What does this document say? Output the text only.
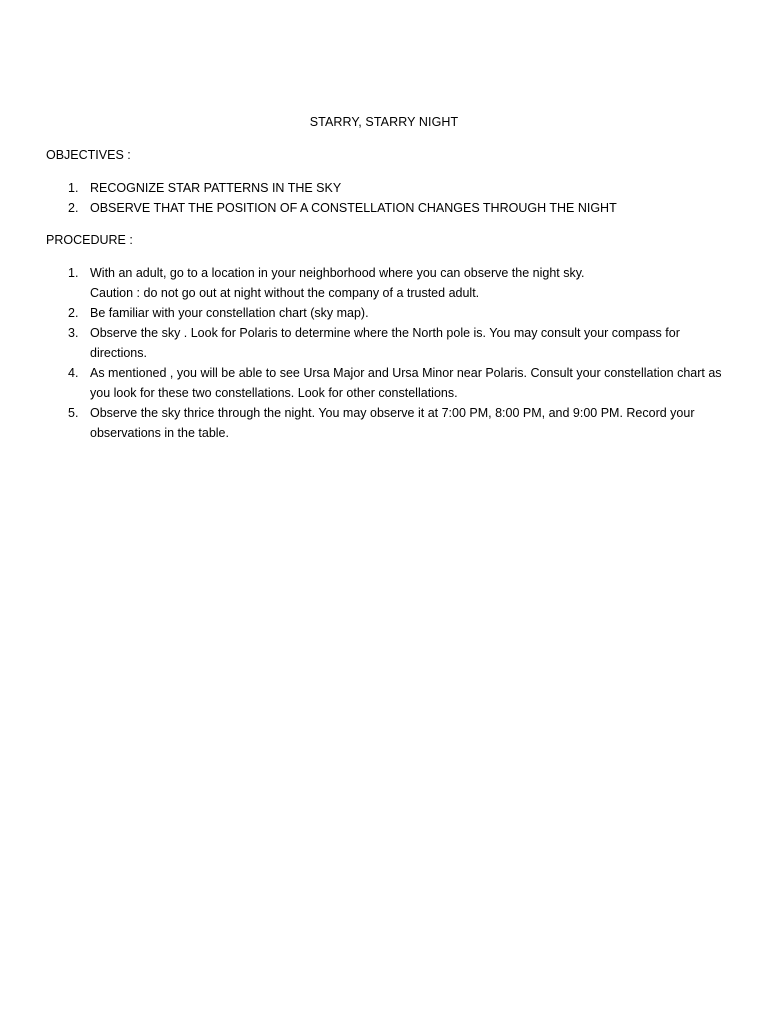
STARRY, STARRY NIGHT
OBJECTIVES :
1. RECOGNIZE STAR PATTERNS IN THE SKY
2. OBSERVE THAT THE POSITION OF A CONSTELLATION CHANGES THROUGH THE NIGHT
PROCEDURE :
1. With an adult, go to a location in your neighborhood where you can observe the night sky.
Caution : do not go out at night without the company of a trusted adult.
2. Be familiar with your constellation chart (sky map).
3. Observe the sky . Look for Polaris to determine where the North pole is. You may consult your compass for directions.
4. As mentioned , you will be able to see Ursa Major and Ursa Minor near Polaris. Consult your constellation chart as you look for these two constellations. Look for other constellations.
5. Observe the sky thrice through the night. You may observe it at 7:00 PM, 8:00 PM, and 9:00 PM. Record your observations in the table.
